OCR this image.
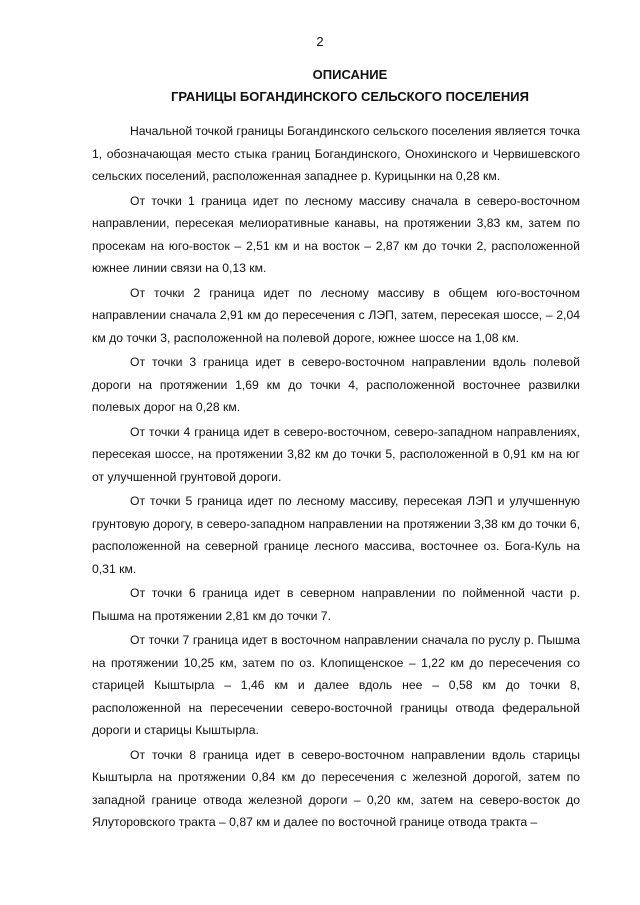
2
ОПИСАНИЕ
ГРАНИЦЫ БОГАНДИНСКОГО СЕЛЬСКОГО ПОСЕЛЕНИЯ

Начальной точкой границы Богандинского сельского поселения является точка 1, обозначающая место стыка границ Богандинского, Онохинского и Червишевского сельских поселений, расположенная западнее р. Курицынки на 0,28 км.

От точки 1 граница идет по лесному массиву сначала в северо-восточном направлении, пересекая мелиоративные канавы, на протяжении 3,83 км, затем по просекам на юго-восток – 2,51 км и на восток – 2,87 км до точки 2, расположенной южнее линии связи на 0,13 км.

От точки 2 граница идет по лесному массиву в общем юго-восточном направлении сначала 2,91 км до пересечения с ЛЭП, затем, пересекая шоссе, – 2,04 км до точки 3, расположенной на полевой дороге, южнее шоссе на 1,08 км.

От точки 3 граница идет в северо-восточном направлении вдоль полевой дороги на протяжении 1,69 км до точки 4, расположенной восточнее развилки полевых дорог на 0,28 км.

От точки 4 граница идет в северо-восточном, северо-западном направлениях, пересекая шоссе, на протяжении 3,82 км до точки 5, расположенной в 0,91 км на юг от улучшенной грунтовой дороги.

От точки 5 граница идет по лесному массиву, пересекая ЛЭП и улучшенную грунтовую дорогу, в северо-западном направлении на протяжении 3,38 км до точки 6, расположенной на северной границе лесного массива, восточнее оз. Бога-Куль на 0,31 км.

От точки 6 граница идет в северном направлении по пойменной части р. Пышма на протяжении 2,81 км до точки 7.

От точки 7 граница идет в восточном направлении сначала по руслу р. Пышма на протяжении 10,25 км, затем по оз. Клопищенское – 1,22 км до пересечения со старицей Кыштырла – 1,46 км и далее вдоль нее – 0,58 км до точки 8, расположенной на пересечении северо-восточной границы отвода федеральной дороги и старицы Кыштырла.

От точки 8 граница идет в северо-восточном направлении вдоль старицы Кыштырла на протяжении 0,84 км до пересечения с железной дорогой, затем по западной границе отвода железной дороги – 0,20 км, затем на северо-восток до Ялуторовского тракта – 0,87 км и далее по восточной границе отвода тракта –
